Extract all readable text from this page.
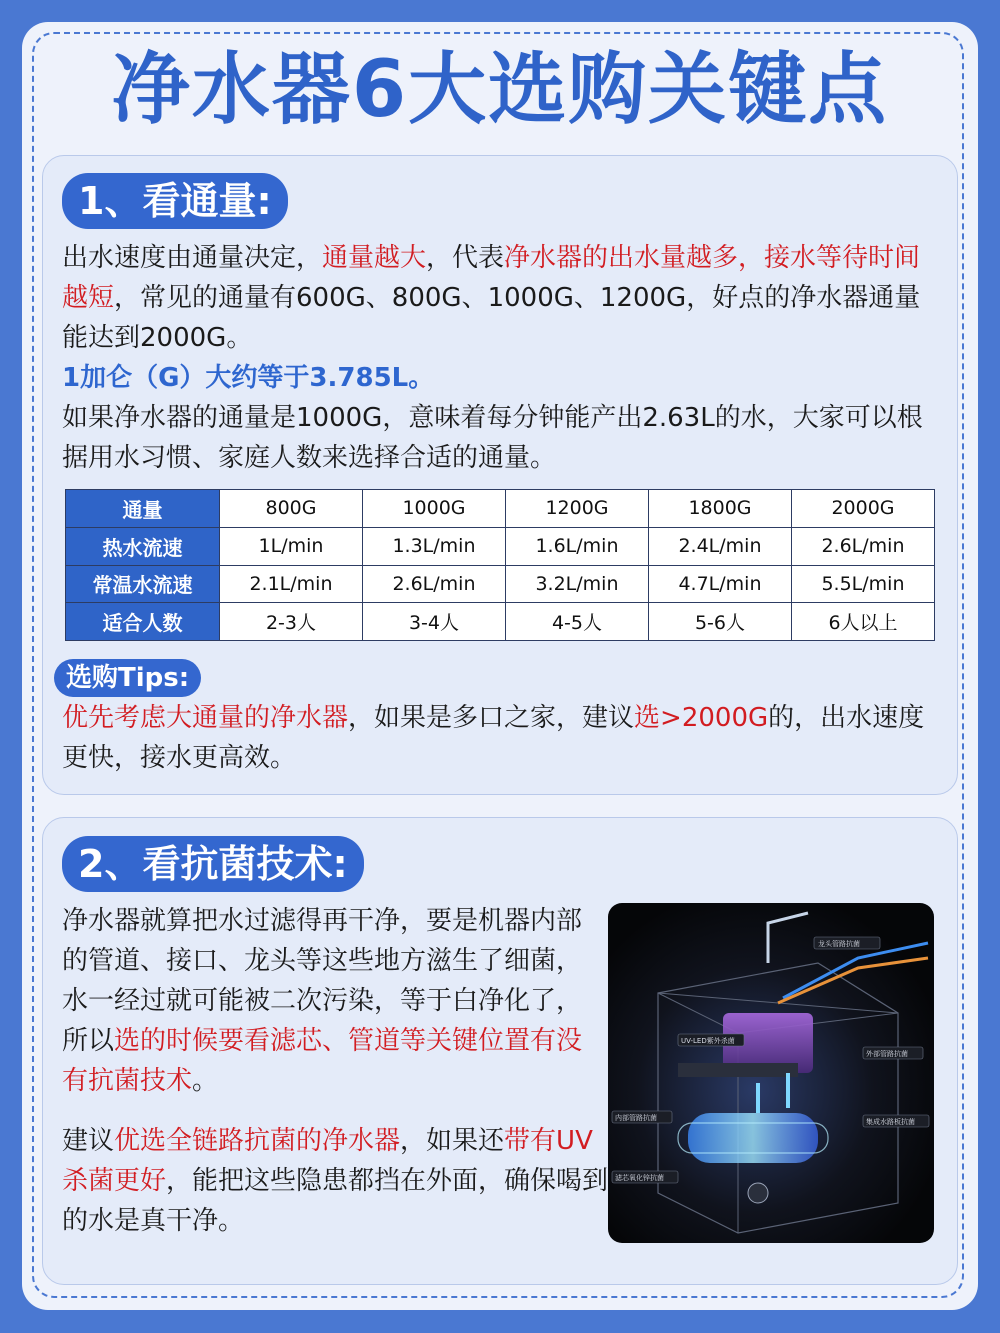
净水器6大选购关键点
1、看通量:
出水速度由通量决定，通量越大，代表净水器的出水量越多，接水等待时间越短，常见的通量有600G、800G、1000G、1200G，好点的净水器通量能达到2000G。
1加仑（G）大约等于3.785L。
如果净水器的通量是1000G，意味着每分钟能产出2.63L的水，大家可以根据用水习惯、家庭人数来选择合适的通量。
通量	800G	1000G	1200G	1800G	2000G
热水流速	1L/min	1.3L/min	1.6L/min	2.4L/min	2.6L/min
常温水流速	2.1L/min	2.6L/min	3.2L/min	4.7L/min	5.5L/min
适合人数	2-3人	3-4人	4-5人	5-6人	6人以上
选购Tips:
优先考虑大通量的净水器，如果是多口之家，建议选>2000G的，出水速度更快，接水更高效。
2、看抗菌技术:
净水器就算把水过滤得再干净，要是机器内部的管道、接口、龙头等这些地方滋生了细菌，水一经过就可能被二次污染，等于白净化了，所以选的时候要看滤芯、管道等关键位置有没有抗菌技术。
建议优选全链路抗菌的净水器，如果还带有UV杀菌更好，能把这些隐患都挡在外面，确保喝到的水是真干净。
龙头管路抗菌
UV-LED紫外杀菌
外部管路抗菌
内部管路抗菌	集成水路板抗菌
滤芯氧化锌抗菌
